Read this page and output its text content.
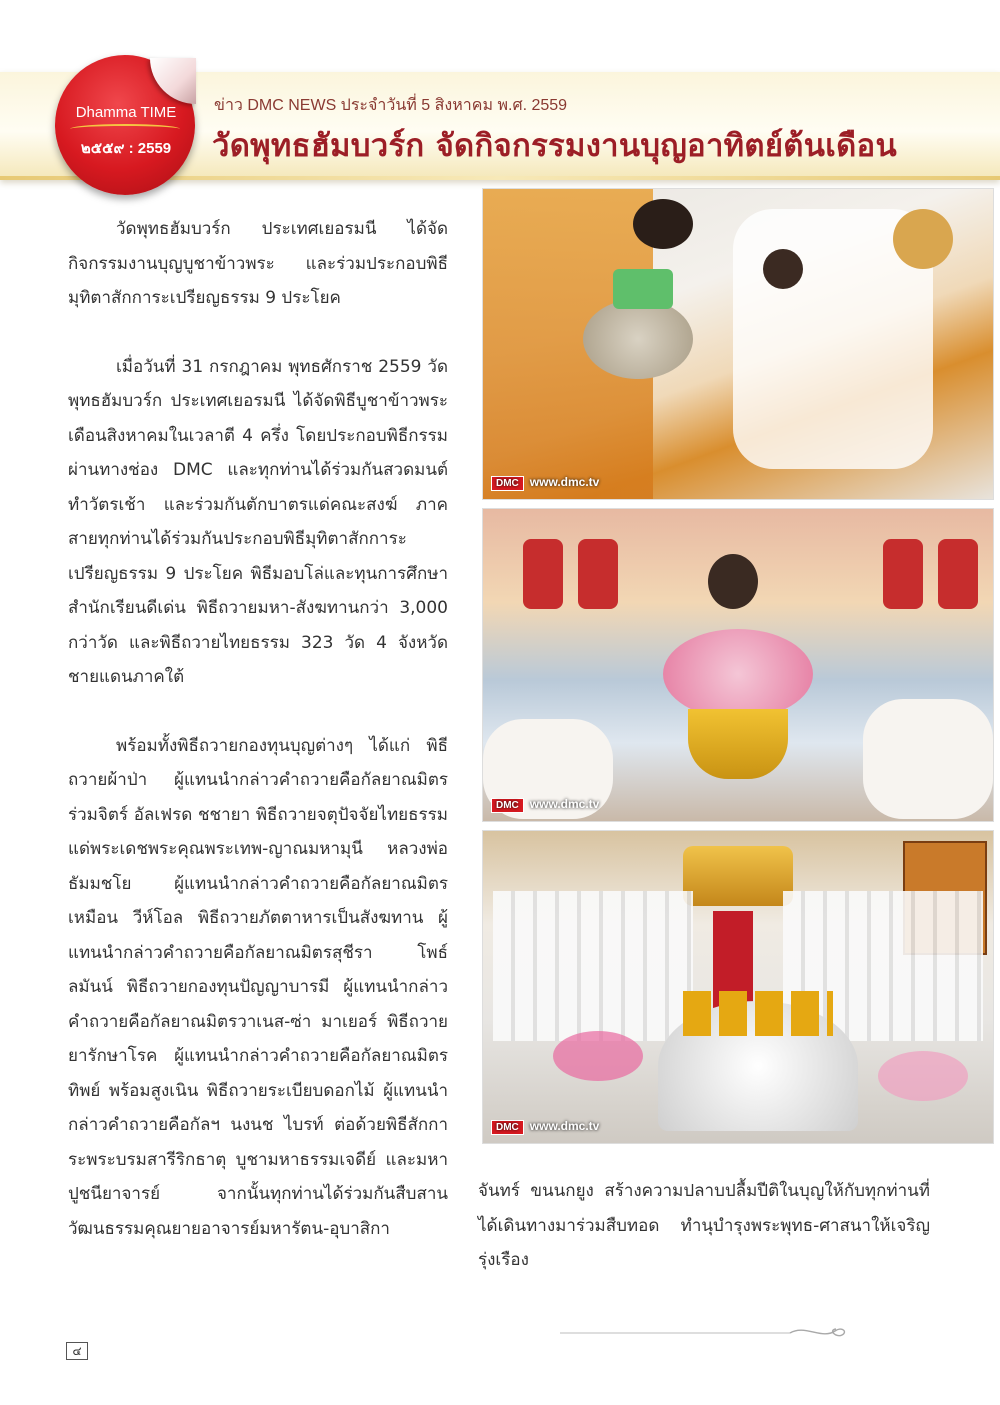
Dhamma TIME
๒๕๕๙ : 2559
ข่าว DMC NEWS ประจำวันที่ 5 สิงหาคม พ.ศ. 2559
วัดพุทธฮัมบวร์ก จัดกิจกรรมงานบุญอาทิตย์ต้นเดือน

วัดพุทธฮัมบวร์ก ประเทศเยอรมนี ได้จัดกิจกรรมงานบุญบูชาข้าวพระ และร่วมประกอบพิธีมุทิตาสักการะเปรียญธรรม 9 ประโยค

เมื่อวันที่ 31 กรกฎาคม พุทธศักราช 2559 วัดพุทธฮัมบวร์ก ประเทศเยอรมนี ได้จัดพิธีบูชาข้าวพระเดือนสิงหาคมในเวลาตี 4 ครึ่ง โดยประกอบพิธีกรรมผ่านทางช่อง DMC และทุกท่านได้ร่วมกันสวดมนต์ ทำวัตรเช้า และร่วมกันตักบาตรแด่คณะสงฆ์ ภาคสายทุกท่านได้ร่วมกันประกอบพิธีมุทิตาสักการะเปรียญธรรม 9 ประโยค พิธีมอบโล่และทุนการศึกษาสำนักเรียนดีเด่น พิธีถวายมหา-สังฆทานกว่า 3,000 กว่าวัด และพิธีถวายไทยธรรม 323 วัด 4 จังหวัดชายแดนภาคใต้

พร้อมทั้งพิธีถวายกองทุนบุญต่างๆ ได้แก่ พิธีถวายผ้าป่า ผู้แทนนำกล่าวคำถวายคือกัลยาณมิตรร่วมจิตร์ อัลเฟรด ชชายา พิธีถวายจตุปัจจัยไทยธรรมแด่พระเดชพระคุณพระเทพ-ญาณมหามุนี หลวงพ่อธัมมชโย ผู้แทนนำกล่าวคำถวายคือกัลยาณมิตรเหมือน วีห์โอล พิธีถวายภัตตาหารเป็นสังฆทาน ผู้แทนนำกล่าวคำถวายคือกัลยาณมิตรสุชีรา โพธ์ลมันน์ พิธีถวายกองทุนปัญญาบารมี ผู้แทนนำกล่าวคำถวายคือกัลยาณมิตรวาเนส-ซ่า มาเยอร์ พิธีถวายยารักษาโรค ผู้แทนนำกล่าวคำถวายคือกัลยาณมิตรทิพย์ พร้อมสูงเนิน พิธีถวายระเบียบดอกไม้ ผู้แทนนำกล่าวคำถวายคือกัลฯ นงนช ไบรท์ ต่อด้วยพิธีสักการะพระบรมสารีริกธาตุ บูชามหาธรรมเจดีย์ และมหาปูชนียาจารย์ จากนั้นทุกท่านได้ร่วมกันสืบสานวัฒนธรรมคุณยายอาจารย์มหารัตน-อุบาสิกา

DMC www.dmc.tv
DMC www.dmc.tv
DMC www.dmc.tv
จันทร์ ขนนกยูง สร้างความปลาบปลื้มปีติในบุญให้กับทุกท่านที่ได้เดินทางมาร่วมสืบทอด ทำนุบำรุงพระพุทธ-ศาสนาให้เจริญรุ่งเรือง
๔
